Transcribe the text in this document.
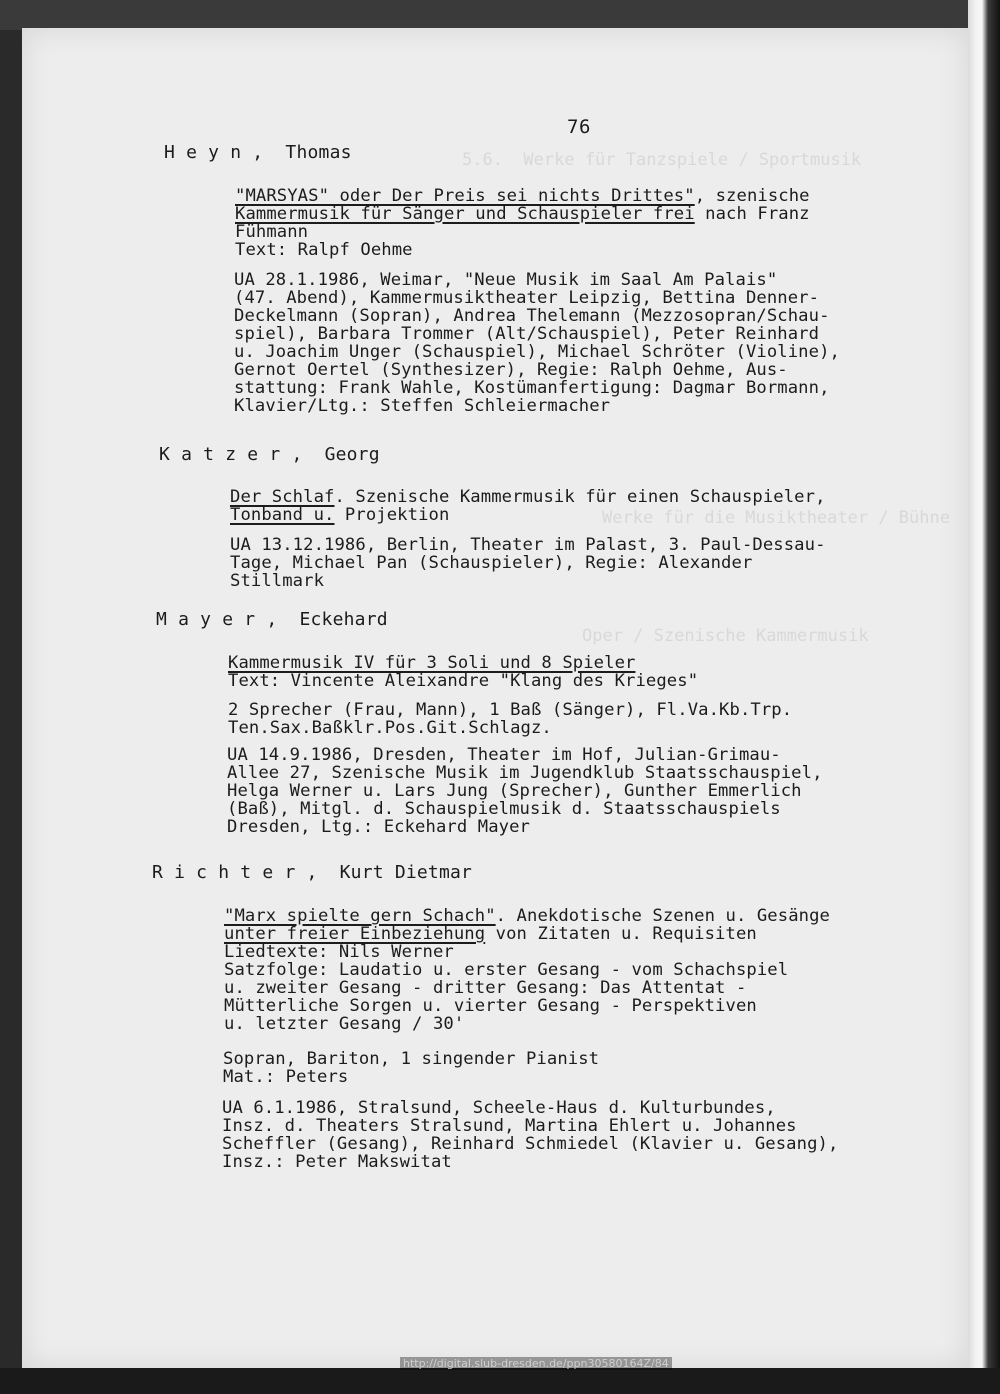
5.6.  Werke für Tanzspiele / Sportmusik
Werke für die Musiktheater / Bühne
Oper / Szenische Kammermusik
76
H e y n , Thomas
"MARSYAS" oder Der Preis sei nichts Drittes", szenische
Kammermusik für Sänger und Schauspieler frei nach Franz
Fühmann
Text: Ralpf Oehme
UA 28.1.1986, Weimar, "Neue Musik im Saal Am Palais"
(47. Abend), Kammermusiktheater Leipzig, Bettina Denner-
Deckelmann (Sopran), Andrea Thelemann (Mezzosopran/Schau-
spiel), Barbara Trommer (Alt/Schauspiel), Peter Reinhard
u. Joachim Unger (Schauspiel), Michael Schröter (Violine),
Gernot Oertel (Synthesizer), Regie: Ralph Oehme, Aus-
stattung: Frank Wahle, Kostümanfertigung: Dagmar Bormann,
Klavier/Ltg.: Steffen Schleiermacher
K a t z e r , Georg
Der Schlaf. Szenische Kammermusik für einen Schauspieler,
Tonband u. Projektion
UA 13.12.1986, Berlin, Theater im Palast, 3. Paul-Dessau-
Tage, Michael Pan (Schauspieler), Regie: Alexander
Stillmark
M a y e r , Eckehard
Kammermusik IV für 3 Soli und 8 Spieler
Text: Vincente Aleixandre "Klang des Krieges"
2 Sprecher (Frau, Mann), 1 Baß (Sänger), Fl.Va.Kb.Trp.
Ten.Sax.Baßklr.Pos.Git.Schlagz.
UA 14.9.1986, Dresden, Theater im Hof, Julian-Grimau-
Allee 27, Szenische Musik im Jugendklub Staatsschauspiel,
Helga Werner u. Lars Jung (Sprecher), Gunther Emmerlich
(Baß), Mitgl. d. Schauspielmusik d. Staatsschauspiels
Dresden, Ltg.: Eckehard Mayer
R i c h t e r , Kurt Dietmar
"Marx spielte gern Schach". Anekdotische Szenen u. Gesänge
unter freier Einbeziehung von Zitaten u. Requisiten
Liedtexte: Nils Werner
Satzfolge: Laudatio u. erster Gesang - vom Schachspiel
u. zweiter Gesang - dritter Gesang: Das Attentat -
Mütterliche Sorgen u. vierter Gesang - Perspektiven
u. letzter Gesang / 30'
Sopran, Bariton, 1 singender Pianist
Mat.: Peters
UA 6.1.1986, Stralsund, Scheele-Haus d. Kulturbundes,
Insz. d. Theaters Stralsund, Martina Ehlert u. Johannes
Scheffler (Gesang), Reinhard Schmiedel (Klavier u. Gesang),
Insz.: Peter Makswitat
http://digital.slub-dresden.de/ppn30580164Z/84
